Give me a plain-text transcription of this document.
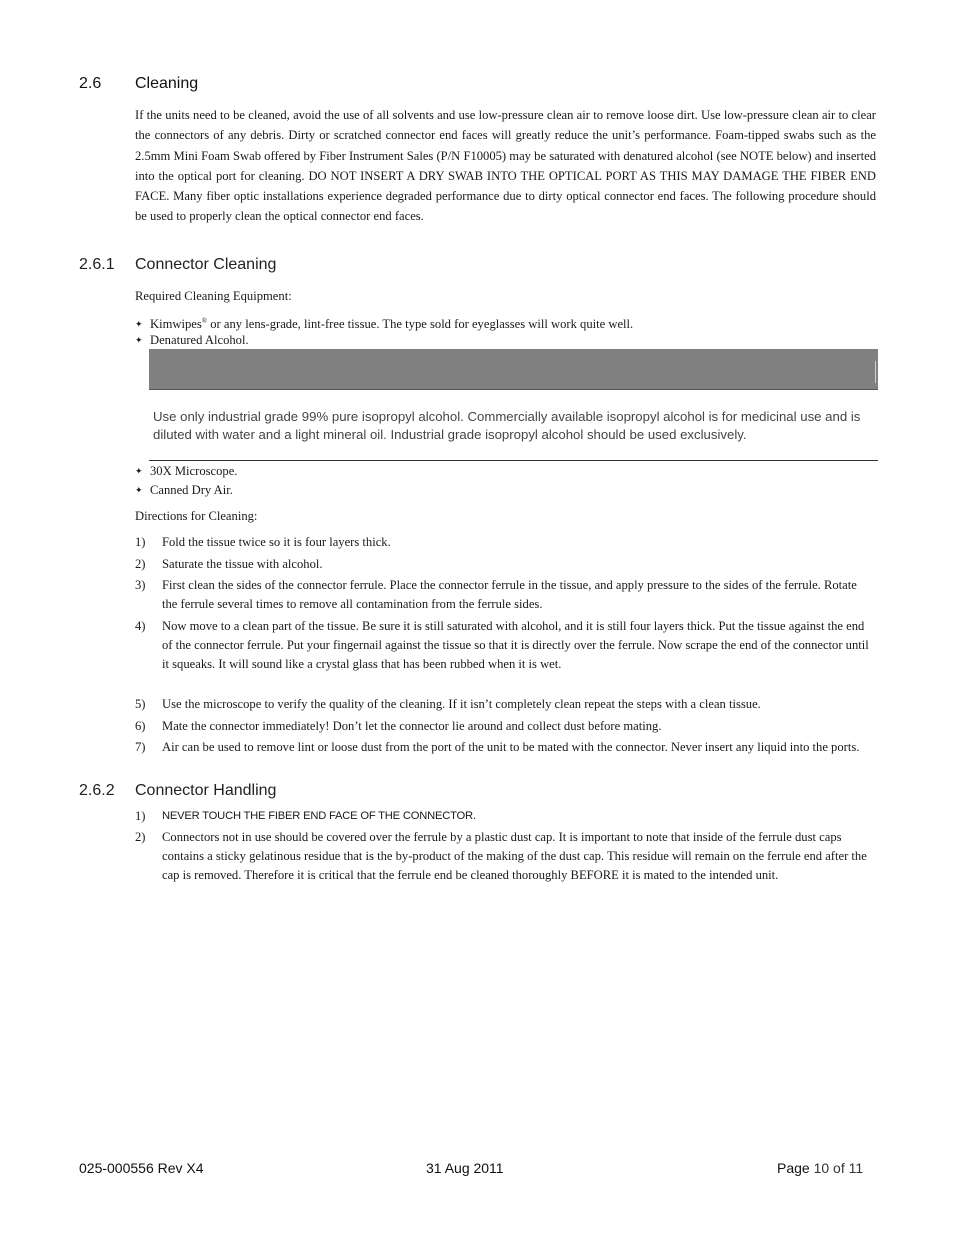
2.6 Cleaning
If the units need to be cleaned, avoid the use of all solvents and use low-pressure clean air to remove loose dirt. Use low-pressure clean air to clear the connectors of any debris. Dirty or scratched connector end faces will greatly reduce the unit’s performance. Foam-tipped swabs such as the 2.5mm Mini Foam Swab offered by Fiber Instrument Sales (P/N F10005) may be saturated with denatured alcohol (see NOTE below) and inserted into the optical port for cleaning. DO NOT INSERT A DRY SWAB INTO THE OPTICAL PORT AS THIS MAY DAMAGE THE FIBER END FACE. Many fiber optic installations experience degraded performance due to dirty optical connector end faces. The following procedure should be used to properly clean the optical connector end faces.
2.6.1 Connector Cleaning
Required Cleaning Equipment:
✦ Kimwipes® or any lens-grade, lint-free tissue. The type sold for eyeglasses will work quite well.
✦ Denatured Alcohol.
Use only industrial grade 99% pure isopropyl alcohol. Commercially available isopropyl alcohol is for medicinal use and is diluted with water and a light mineral oil. Industrial grade isopropyl alcohol should be used exclusively.
✦ 30X Microscope.
✦ Canned Dry Air.
Directions for Cleaning:
1) Fold the tissue twice so it is four layers thick.
2) Saturate the tissue with alcohol.
3) First clean the sides of the connector ferrule. Place the connector ferrule in the tissue, and apply pressure to the sides of the ferrule. Rotate the ferrule several times to remove all contamination from the ferrule sides.
4) Now move to a clean part of the tissue. Be sure it is still saturated with alcohol, and it is still four layers thick. Put the tissue against the end of the connector ferrule. Put your fingernail against the tissue so that it is directly over the ferrule. Now scrape the end of the connector until it squeaks. It will sound like a crystal glass that has been rubbed when it is wet.
5) Use the microscope to verify the quality of the cleaning. If it isn’t completely clean repeat the steps with a clean tissue.
6) Mate the connector immediately! Don’t let the connector lie around and collect dust before mating.
7) Air can be used to remove lint or loose dust from the port of the unit to be mated with the connector. Never insert any liquid into the ports.
2.6.2 Connector Handling
1) NEVER TOUCH THE FIBER END FACE OF THE CONNECTOR.
2) Connectors not in use should be covered over the ferrule by a plastic dust cap. It is important to note that inside of the ferrule dust caps contains a sticky gelatinous residue that is the by-product of the making of the dust cap. This residue will remain on the ferrule end after the cap is removed. Therefore it is critical that the ferrule end be cleaned thoroughly BEFORE it is mated to the intended unit.
025-000556 Rev X4	31 Aug 2011	Page 10 of 11
